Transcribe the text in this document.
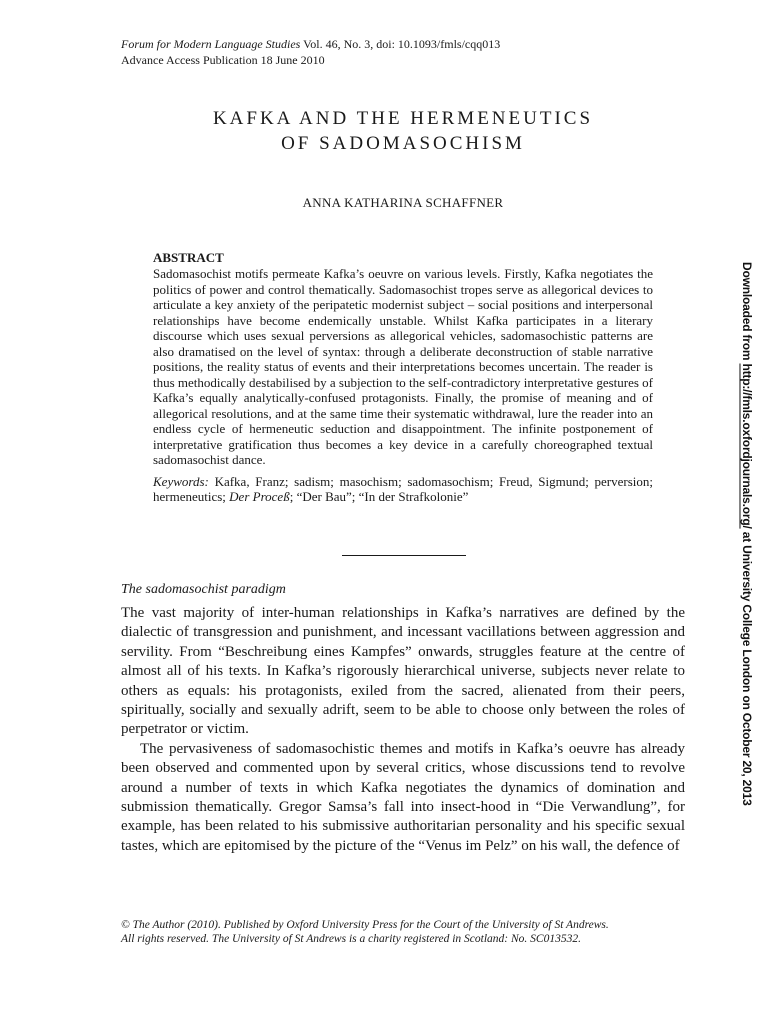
Forum for Modern Language Studies Vol. 46, No. 3, doi: 10.1093/fmls/cqq013
Advance Access Publication 18 June 2010
KAFKA AND THE HERMENEUTICS
OF SADOMASOCHISM
ANNA KATHARINA SCHAFFNER
ABSTRACT
Sadomasochist motifs permeate Kafka’s oeuvre on various levels. Firstly, Kafka negotiates the politics of power and control thematically. Sadomasochist tropes serve as allegorical devices to articulate a key anxiety of the peripatetic modernist subject – social positions and interpersonal relationships have become endemically unstable. Whilst Kafka participates in a literary discourse which uses sexual perversions as allegorical vehicles, sadomasochistic patterns are also dramatised on the level of syntax: through a deliberate deconstruction of stable narrative positions, the reality status of events and their interpretations becomes uncertain. The reader is thus methodically destabilised by a subjection to the self-contradictory interpretative gestures of Kafka’s equally analytically-confused protagonists. Finally, the promise of meaning and of allegorical resolutions, and at the same time their systematic withdrawal, lure the reader into an endless cycle of hermeneutic seduction and disappointment. The infinite postponement of interpretative gratification thus becomes a key device in a carefully choreographed textual sadomasochist dance.
Keywords: Kafka, Franz; sadism; masochism; sadomasochism; Freud, Sigmund; perversion; hermeneutics; Der Proceß; “Der Bau”; “In der Strafkolonie”
The sadomasochist paradigm

The vast majority of inter-human relationships in Kafka’s narratives are defined by the dialectic of transgression and punishment, and incessant vacillations between aggression and servility. From “Beschreibung eines Kampfes” onwards, struggles feature at the centre of almost all of his texts. In Kafka’s rigorously hierarchical universe, subjects never relate to others as equals: his protagonists, exiled from the sacred, alienated from their peers, spiritually, socially and sexually adrift, seem to be able to choose only between the roles of perpetrator or victim.

The pervasiveness of sadomasochistic themes and motifs in Kafka’s oeuvre has already been observed and commented upon by several critics, whose discussions tend to revolve around a number of texts in which Kafka negotiates the dynamics of domination and submission thematically. Gregor Samsa’s fall into insect-hood in “Die Verwandlung”, for example, has been related to his submissive authoritarian personality and his specific sexual tastes, which are epitomised by the picture of the “Venus im Pelz” on his wall, the defence of

© The Author (2010). Published by Oxford University Press for the Court of the University of St Andrews.
All rights reserved. The University of St Andrews is a charity registered in Scotland: No. SC013532.
Downloaded from http://fmls.oxfordjournals.org/ at University College London on October 20, 2013
